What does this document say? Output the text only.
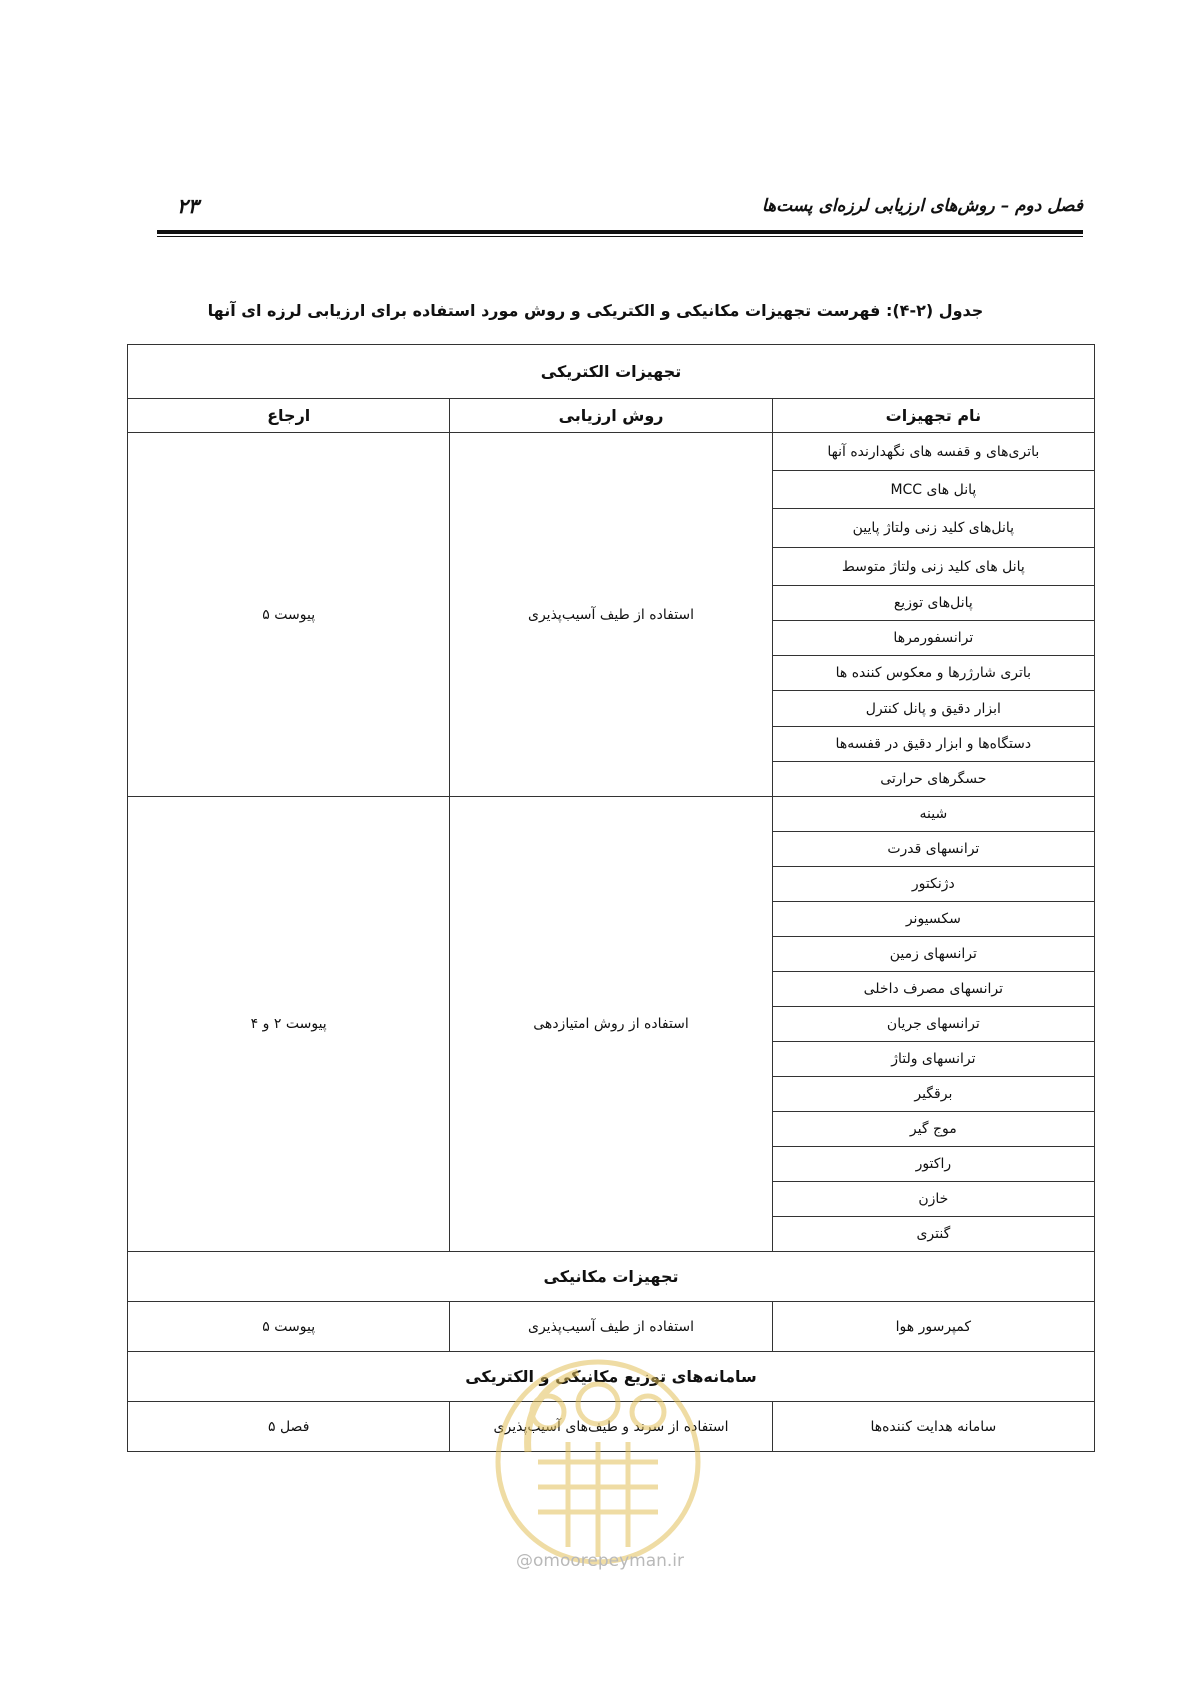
فصل دوم – روش‌های ارزیابی لرزه‌ای پست‌ها
۲۳
جدول (۲-۴): فهرست تجهیزات مکانیکی و الکتریکی و روش مورد استفاده برای ارزیابی لرزه ای آنها
تجهیزات الکتریکی		
نام تجهیزات	روش ارزیابی	ارجاع
باتری‌های و قفسه های نگهدارنده آنها	استفاده از طیف آسیب‌پذیری	پیوست ۵
پانل های MCC		
پانل‌های کلید زنی ولتاژ پایین		
پانل های کلید زنی ولتاژ متوسط		
پانل‌های توزیع		
ترانسفورمرها		
باتری شارژرها و معکوس کننده ها		
ابزار دقیق و پانل کنترل		
دستگاه‌ها و ابزار دقیق در قفسه‌ها		
حسگرهای حرارتی		
شینه	استفاده از روش امتیازدهی	پیوست ۲ و ۴
ترانسهای قدرت		
دژنکتور		
سکسیونر		
ترانسهای زمین		
ترانسهای مصرف داخلی		
ترانسهای جریان		
ترانسهای ولتاژ		
برقگیر		
موج گیر		
راکتور		
خازن		
گنتری		
تجهیزات مکانیکی		
کمپرسور هوا	استفاده از طیف آسیب‌پذیری	پیوست ۵
سامانه‌های توزیع مکانیکی و الکتریکی		
سامانه هدایت کننده‌ها	استفاده از سرند و طیف‌های آسیب‌پذیری	فصل ۵
@omoorepeyman.ir
